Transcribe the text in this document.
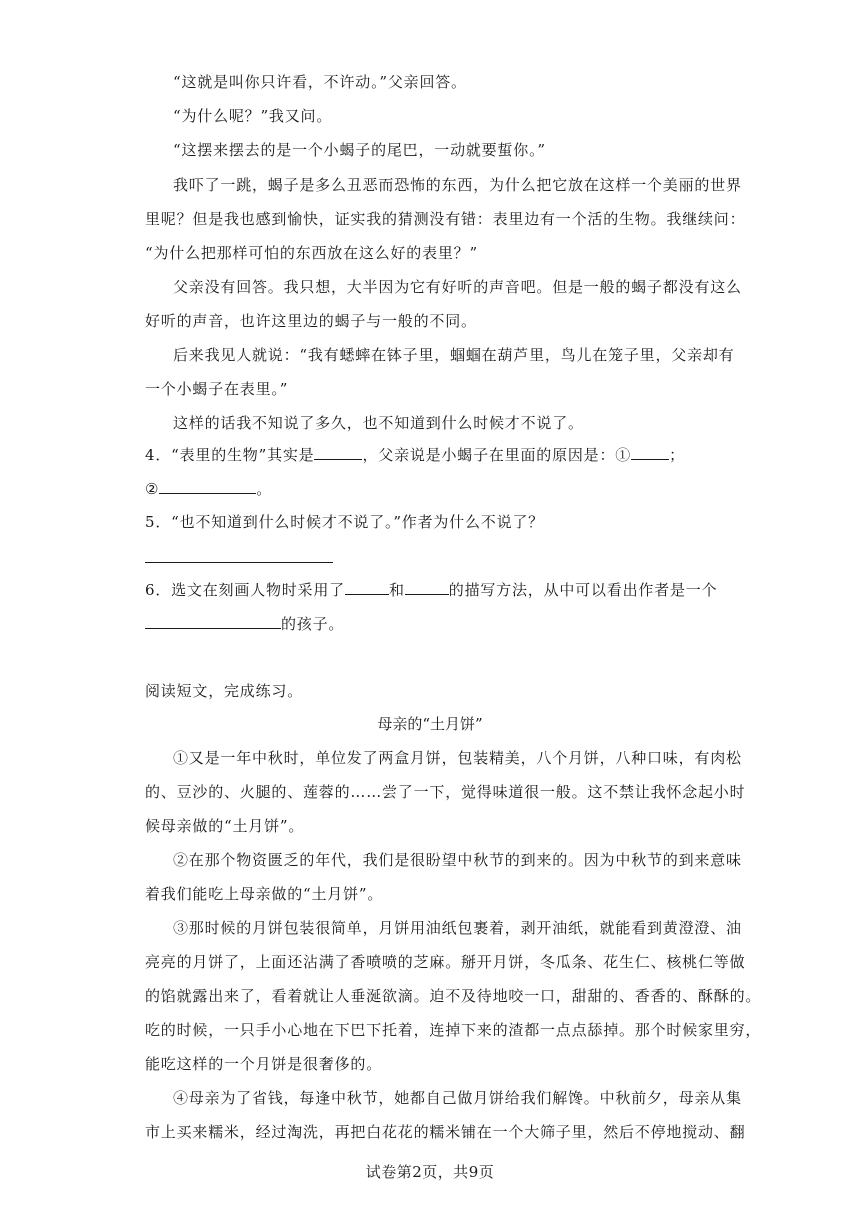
“这就是叫你只许看，不许动。”父亲回答。
“为什么呢？”我又问。
“这摆来摆去的是一个小蝎子的尾巴，一动就要蜇你。”
我吓了一跳，蝎子是多么丑恶而恐怖的东西，为什么把它放在这样一个美丽的世界
里呢？但是我也感到愉快，证实我的猜测没有错：表里边有一个活的生物。我继续问：
“为什么把那样可怕的东西放在这么好的表里？”
父亲没有回答。我只想，大半因为它有好听的声音吧。但是一般的蝎子都没有这么
好听的声音，也许这里边的蝎子与一般的不同。
后来我见人就说：“我有蟋蟀在钵子里，蝈蝈在葫芦里，鸟儿在笼子里，父亲却有
一个小蝎子在表里。”
这样的话我不知说了多久，也不知道到什么时候才不说了。
4．“表里的生物”其实是	，父亲说是小蝎子在里面的原因是：①	；
②	。
5．“也不知道到什么时候才不说了。”作者为什么不说了？
6．选文在刻画人物时采用了	和	的描写方法，从中可以看出作者是一个
的孩子。
阅读短文，完成练习。
母亲的“土月饼”
①又是一年中秋时，单位发了两盒月饼，包装精美，八个月饼，八种口味，有肉松
的、豆沙的、火腿的、莲蓉的……尝了一下，觉得味道很一般。这不禁让我怀念起小时
候母亲做的“土月饼”。
②在那个物资匮乏的年代，我们是很盼望中秋节的到来的。因为中秋节的到来意味
着我们能吃上母亲做的“土月饼”。
③那时候的月饼包装很简单，月饼用油纸包裹着，剥开油纸，就能看到黄澄澄、油
亮亮的月饼了，上面还沾满了香喷喷的芝麻。掰开月饼，冬瓜条、花生仁、核桃仁等做
的馅就露出来了，看着就让人垂涎欲滴。迫不及待地咬一口，甜甜的、香香的、酥酥的。
吃的时候，一只手小心地在下巴下托着，连掉下来的渣都一点点舔掉。那个时候家里穷，
能吃这样的一个月饼是很奢侈的。
④母亲为了省钱，每逢中秋节，她都自己做月饼给我们解馋。中秋前夕，母亲从集
市上买来糯米，经过淘洗，再把白花花的糯米铺在一个大筛子里，然后不停地搅动、翻
试卷第2页，共9页
